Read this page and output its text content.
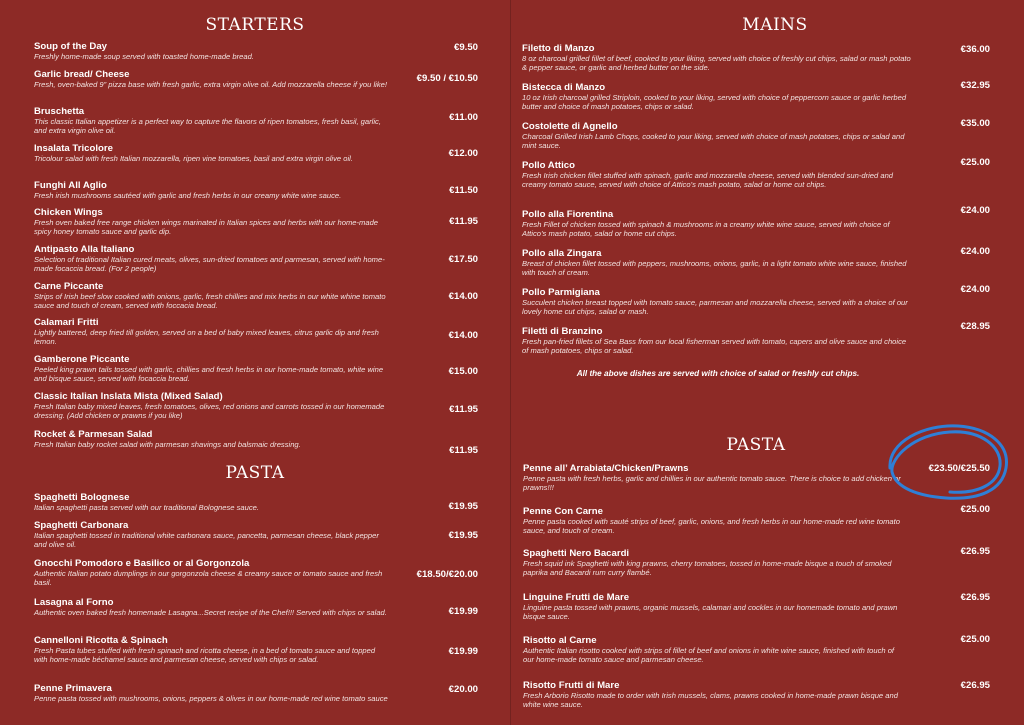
STARTERS
Soup of the Day
Freshly home-made soup served with toasted home-made bread.
€9.50
Garlic bread/ Cheese
Fresh, oven-baked 9” pizza base with fresh garlic, extra virgin olive oil. Add mozzarella cheese if you like!
€9.50 / €10.50
Bruschetta
This classic Italian appetizer is a perfect way to capture the flavors of ripen tomatoes, fresh basil, garlic, and extra virgin olive oil.
€11.00
Insalata Tricolore
Tricolour salad with fresh Italian mozzarella, ripen vine tomatoes, basil and extra virgin olive oil.	€12.00
Funghi All Aglio
Fresh irish mushrooms sautéed with garlic and fresh herbs in our creamy white wine sauce.	€11.50
Chicken Wings
Fresh oven baked free range chicken wings marinated in Italian spices and herbs with our home-made spicy honey tomato sauce and garlic dip.
€11.95
Antipasto Alla Italiano
Selection of traditional Italian cured meats, olives, sun-dried tomatoes and parmesan, served with home-made focaccia bread. (For 2 people)
€17.50
Carne Piccante
Strips of Irish beef slow cooked with onions, garlic, fresh chillies and mix herbs in our white whine tomato sauce and touch of cream, served with foccacia bread.
€14.00
Calamari Fritti
Lightly battered, deep fried till golden, served on a bed of baby mixed leaves, citrus garlic dip and fresh lemon.
€14.00
Gamberone Piccante
Peeled king prawn tails tossed with garlic, chillies and fresh herbs in our home-made tomato, white wine and bisque sauce, served with focaccia bread.
€15.00
Classic Italian Inslata Mista (Mixed Salad)
Fresh Italian baby mixed leaves, fresh tomatoes, olives, red onions and carrots tossed in our homemade dressing. (Add chicken or prawns if you like)
€11.95
Rocket & Parmesan Salad
Fresh Italian baby rocket salad with parmesan shavings and balsmaic dressing.
€11.95
PASTA
Spaghetti Bolognese
Italian spaghetti pasta served with our traditional Bolognese sauce.	€19.95
Spaghetti Carbonara
Italian spaghetti tossed in traditional white carbonara sauce, pancetta, parmesan cheese, black pepper and olive oil.
€19.95
Gnocchi Pomodoro e Basilico or al Gorgonzola
Authentic Italian potato dumplings in our gorgonzola cheese & creamy sauce or tomato sauce and fresh basil.
€18.50/€20.00
Lasagna al Forno
Authentic oven baked fresh homemade Lasagna...Secret recipe of the Chef!!! Served with chips or salad.	€19.99
Cannelloni Ricotta & Spinach
Fresh Pasta tubes stuffed with fresh spinach and ricotta cheese, in a bed of tomato sauce and topped with home-made béchamel sauce and parmesan cheese, served with chips or salad.
€19.99
Penne Primavera
Penne pasta tossed with mushrooms, onions, peppers & olives in our home-made red wine tomato sauce
€20.00
MAINS
Filetto di Manzo
8 oz charcoal grilled fillet of beef, cooked to your liking, served with choice of freshly cut chips, salad or mash potato & pepper sauce, or garlic and herbed butter on the side.
€36.00
Bistecca di Manzo
10 oz Irish charcoal grilled Striploin, cooked to your liking, served with choice of peppercorn sauce or garlic herbed butter and choice of mash potatoes, chips or salad.
€32.95
Costolette di Agnello
Charcoal Grilled Irish Lamb Chops, cooked to your liking, served with choice of mash potatoes, chips or salad and mint sauce.
€35.00
Pollo Attico
Fresh Irish chicken fillet stuffed with spinach, garlic and mozzarella cheese, served with blended sun-dried and creamy tomato sauce, served with choice of Attico’s mash potato, salad or home cut chips.
€25.00
Pollo alla Fiorentina
Fresh Fillet of chicken tossed with spinach & mushrooms in a creamy white wine sauce, served with choice of Attico’s mash potato, salad or home cut chips.
€24.00
Pollo alla Zingara
Breast of chicken fillet tossed with peppers, mushrooms, onions, garlic, in a light tomato white wine sauce, finished with touch of cream.
€24.00
Pollo Parmigiana
Succulent chicken breast topped with tomato sauce, parmesan and mozzarella cheese, served with a choice of our lovely home cut chips, salad or mash.
€24.00
Filetti di Branzino
Fresh pan-fried fillets of Sea Bass from our local fisherman served with tomato, capers and olive sauce and choice of mash potatoes, chips or salad.
€28.95
All the above dishes are served with choice of salad or freshly cut chips.
PASTA
Penne all’ Arrabiata/Chicken/Prawns
Penne pasta with fresh herbs, garlic and chillies in our authentic tomato sauce. There is choice to add chicken or prawns!!!
€23.50/€25.50
Penne Con Carne
Penne pasta cooked with sauté strips of beef, garlic, onions, and fresh herbs in our home-made red wine tomato sauce, and touch of cream.
€25.00
Spaghetti Nero Bacardi
Fresh squid ink Spaghetti with king prawns, cherry tomatoes, tossed in home-made bisque a touch of smoked paprika and Bacardi rum curry flambé.
€26.95
Linguine Frutti de Mare
Linguine pasta tossed with prawns, organic mussels, calamari and cockles in our homemade tomato and prawn bisque sauce.
€26.95
Risotto al Carne
Authentic Italian risotto cooked with strips of fillet of beef and onions in white wine sauce, finished with touch of our home-made tomato sauce and parmesan cheese.
€25.00
Risotto Frutti di Mare
Fresh Arborio Risotto made to order with Irish mussels, clams, prawns cooked in home-made prawn bisque and white wine sauce.
€26.95
